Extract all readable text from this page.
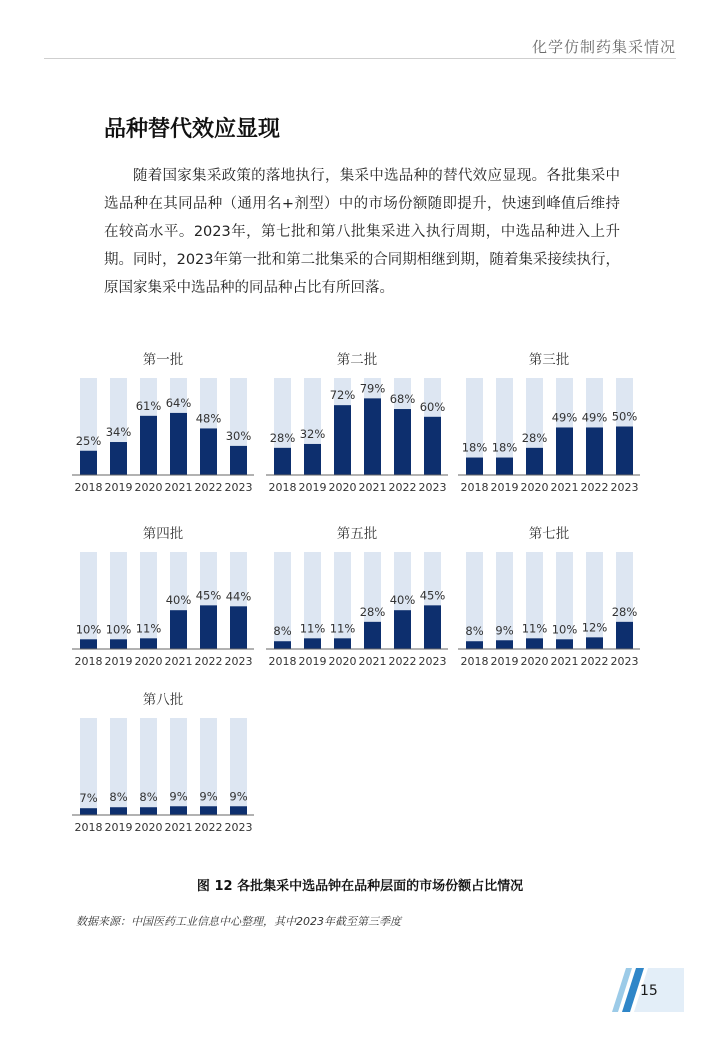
化学仿制药集采情况
品种替代效应显现
随着国家集采政策的落地执行，集采中选品种的替代效应显现。各批集采中选品种在其同品种（通用名+剂型）中的市场份额随即提升，快速到峰值后维持在较高水平。2023年，第七批和第八批集采进入执行周期，中选品种进入上升期。同时，2023年第一批和第二批集采的合同期相继到期，随着集采接续执行，原国家集采中选品种的同品种占比有所回落。
第一批
25%
2018
34%
2019
61%
2020
64%
2021
48%
2022
30%
2023
第二批
28%
2018
32%
2019
72%
2020
79%
2021
68%
2022
60%
2023
第三批
18%
2018
18%
2019
28%
2020
49%
2021
49%
2022
50%
2023
第四批
10%
2018
10%
2019
11%
2020
40%
2021
45%
2022
44%
2023
第五批
8%
2018
11%
2019
11%
2020
28%
2021
40%
2022
45%
2023
第七批
8%
2018
9%
2019
11%
2020
10%
2021
12%
2022
28%
2023
第八批
7%
2018
8%
2019
8%
2020
9%
2021
9%
2022
9%
2023
图 12 各批集采中选品钟在品种层面的市场份额占比情况
数据来源：中国医药工业信息中心整理，其中2023年截至第三季度
15
